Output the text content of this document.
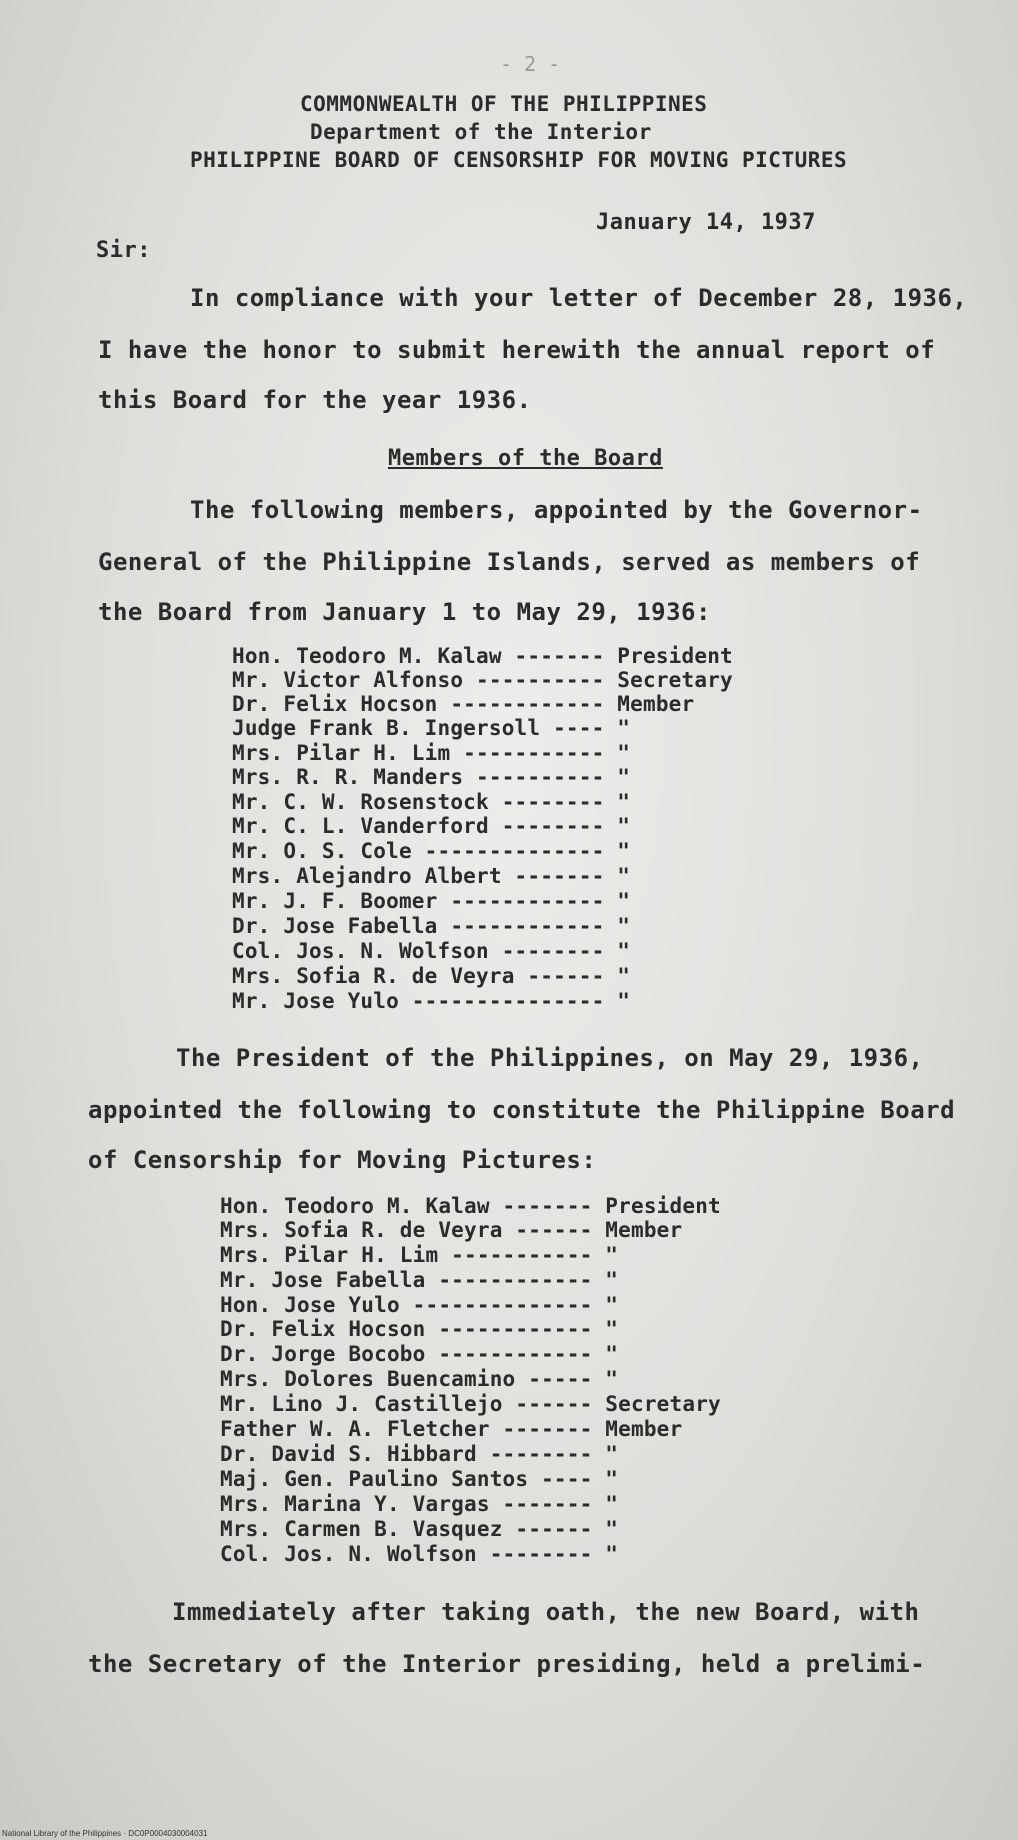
- 2 -
COMMONWEALTH OF THE PHILIPPINES
Department of the Interior
PHILIPPINE BOARD OF CENSORSHIP FOR MOVING PICTURES
January 14, 1937
Sir:
In compliance with your letter of December 28, 1936,
I have the honor to submit herewith the annual report of
this Board for the year 1936.
Members of the Board
The following members, appointed by the Governor-
General of the Philippine Islands, served as members of
the Board from January 1 to May 29, 1936:
Hon. Teodoro M. Kalaw ------- President
Mr. Victor Alfonso ---------- Secretary
Dr. Felix Hocson ------------ Member
Judge Frank B. Ingersoll ---- "
Mrs. Pilar H. Lim ----------- "
Mrs. R. R. Manders ---------- "
Mr. C. W. Rosenstock -------- "
Mr. C. L. Vanderford -------- "
Mr. O. S. Cole -------------- "
Mrs. Alejandro Albert ------- "
Mr. J. F. Boomer ------------ "
Dr. Jose Fabella ------------ "
Col. Jos. N. Wolfson -------- "
Mrs. Sofia R. de Veyra ------ "
Mr. Jose Yulo --------------- "
The President of the Philippines, on May 29, 1936,
appointed the following to constitute the Philippine Board
of Censorship for Moving Pictures:
Hon. Teodoro M. Kalaw ------- President
Mrs. Sofia R. de Veyra ------ Member
Mrs. Pilar H. Lim ----------- "
Mr. Jose Fabella ------------ "
Hon. Jose Yulo -------------- "
Dr. Felix Hocson ------------ "
Dr. Jorge Bocobo ------------ "
Mrs. Dolores Buencamino ----- "
Mr. Lino J. Castillejo ------ Secretary
Father W. A. Fletcher ------- Member
Dr. David S. Hibbard -------- "
Maj. Gen. Paulino Santos ---- "
Mrs. Marina Y. Vargas ------- "
Mrs. Carmen B. Vasquez ------ "
Col. Jos. N. Wolfson -------- "
Immediately after taking oath, the new Board, with
the Secretary of the Interior presiding, held a prelimi-
National Library of the Philippines · DC0P0004030004031
